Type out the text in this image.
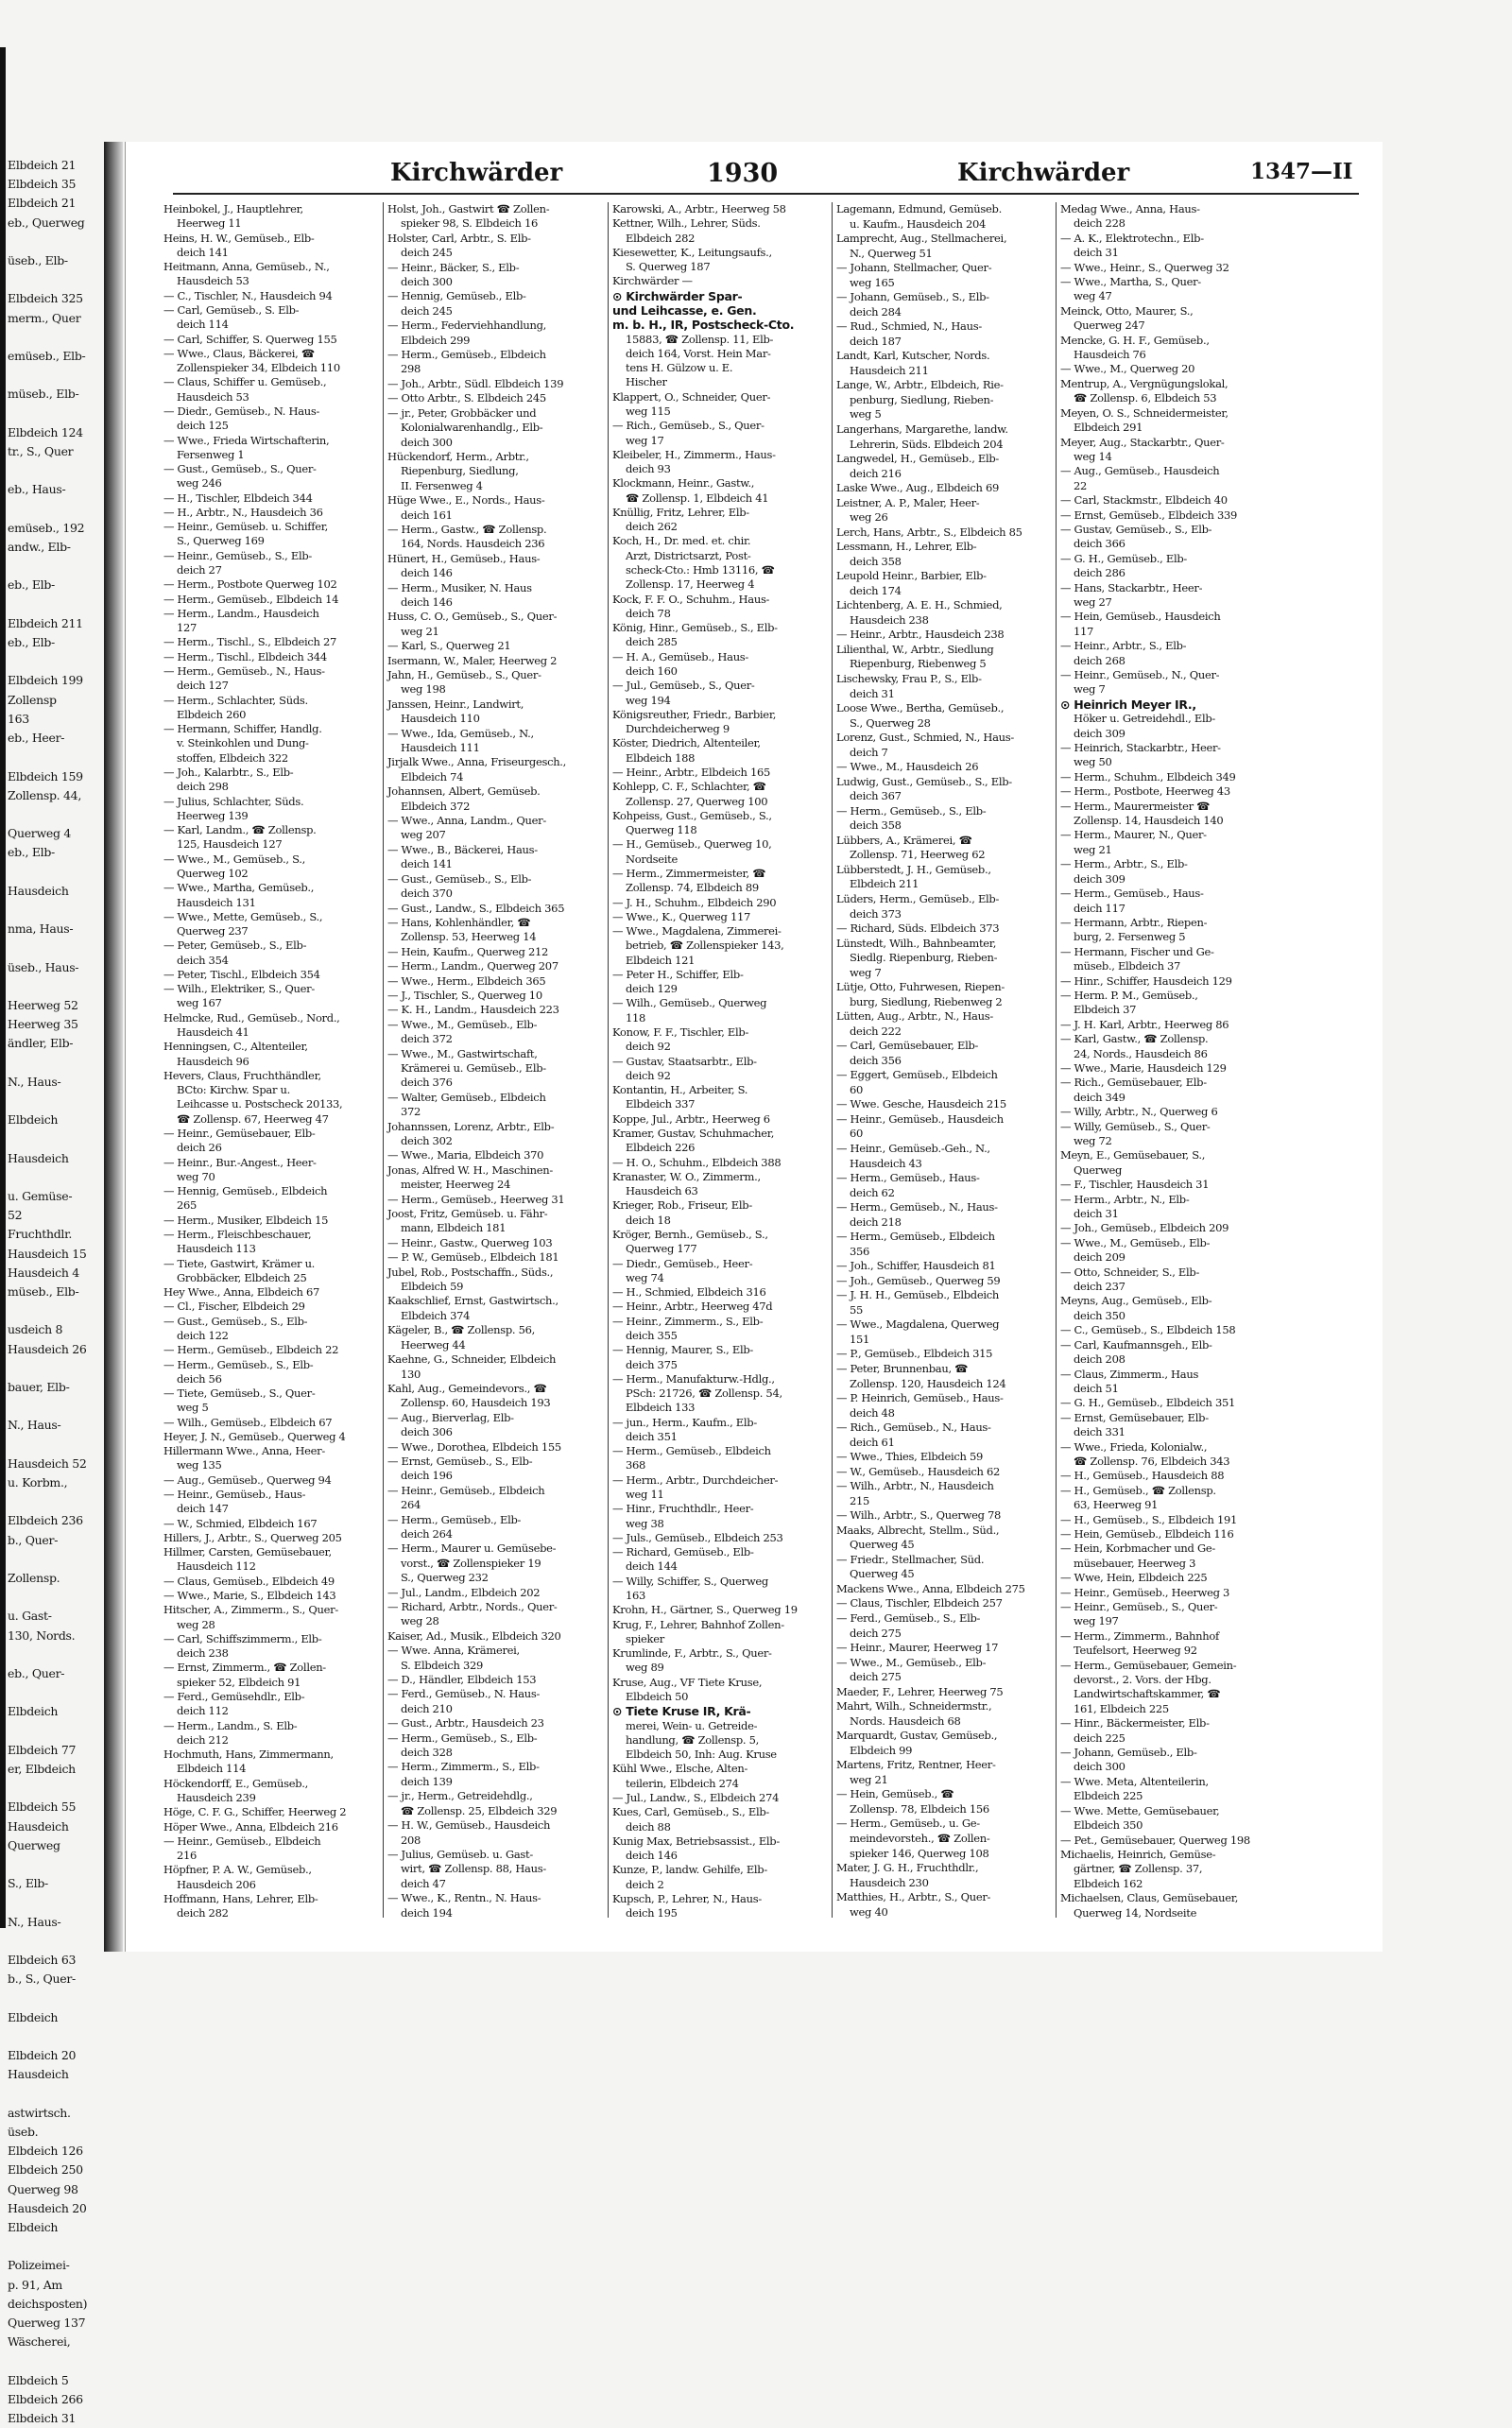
Elbdeich 21
Elbdeich 35
Elbdeich 21
eb., Querweg

üseb., Elb-

Elbdeich 325
merm., Quer

emüseb., Elb-

müseb., Elb-

Elbdeich 124
tr., S., Quer

eb., Haus-

emüseb., 192
andw., Elb-

eb., Elb-

Elbdeich 211
eb., Elb-

Elbdeich 199
Zollensp
163
eb., Heer-

Elbdeich 159
Zollensp. 44,

Querweg 4
eb., Elb-

Hausdeich

nma, Haus-

üseb., Haus-

Heerweg 52
Heerweg 35
ändler, Elb-

N., Haus-

Elbdeich

Hausdeich

u. Gemüse-
52
Fruchthdlr.
Hausdeich 15
Hausdeich 4
müseb., Elb-

usdeich 8
Hausdeich 26

bauer, Elb-

N., Haus-

Hausdeich 52
u. Korbm.,

Elbdeich 236
b., Quer-

Zollensp.

u. Gast-
130, Nords.

eb., Quer-

Elbdeich

Elbdeich 77
er, Elbdeich

Elbdeich 55
Hausdeich
Querweg

S., Elb-

N., Haus-

Elbdeich 63
b., S., Quer-

Elbdeich

Elbdeich 20
Hausdeich

astwirtsch.
üseb.
Elbdeich 126
Elbdeich 250
Querweg 98
Hausdeich 20
Elbdeich

Polizeimei-
p. 91, Am
deichsposten)
Querweg 137
Wäscherei,

Elbdeich 5
Elbdeich 266
Elbdeich 31
Kirchwärder	1930	Kirchwärder	1347—II
Heinbokel, J., Hauptlehrer,
Heerweg 11
Heins, H. W., Gemüseb., Elb-
deich 141
Heitmann, Anna, Gemüseb., N.,
Hausdeich 53
— C., Tischler, N., Hausdeich 94
— Carl, Gemüseb., S. Elb-
deich 114
— Carl, Schiffer, S. Querweg 155
— Wwe., Claus, Bäckerei, ☎
Zollenspieker 34, Elbdeich 110
— Claus, Schiffer u. Gemüseb.,
Hausdeich 53
— Diedr., Gemüseb., N. Haus-
deich 125
— Wwe., Frieda Wirtschafterin,
Fersenweg 1
— Gust., Gemüseb., S., Quer-
weg 246
— H., Tischler, Elbdeich 344
— H., Arbtr., N., Hausdeich 36
— Heinr., Gemüseb. u. Schiffer,
S., Querweg 169
— Heinr., Gemüseb., S., Elb-
deich 27
— Herm., Postbote Querweg 102
— Herm., Gemüseb., Elbdeich 14
— Herm., Landm., Hausdeich
127
— Herm., Tischl., S., Elbdeich 27
— Herm., Tischl., Elbdeich 344
— Herm., Gemüseb., N., Haus-
deich 127
— Herm., Schlachter, Süds.
Elbdeich 260
— Hermann, Schiffer, Handlg.
v. Steinkohlen und Dung-
stoffen, Elbdeich 322
— Joh., Kalarbtr., S., Elb-
deich 298
— Julius, Schlachter, Süds.
Heerweg 139
— Karl, Landm., ☎ Zollensp.
125, Hausdeich 127
— Wwe., M., Gemüseb., S.,
Querweg 102
— Wwe., Martha, Gemüseb.,
Hausdeich 131
— Wwe., Mette, Gemüseb., S.,
Querweg 237
— Peter, Gemüseb., S., Elb-
deich 354
— Peter, Tischl., Elbdeich 354
— Wilh., Elektriker, S., Quer-
weg 167
Helmcke, Rud., Gemüseb., Nord.,
Hausdeich 41
Henningsen, C., Altenteiler,
Hausdeich 96
Hevers, Claus, Fruchthändler,
BCto: Kirchw. Spar u.
Leihcasse u. Postscheck 20133,
☎ Zollensp. 67, Heerweg 47
— Heinr., Gemüsebauer, Elb-
deich 26
— Heinr., Bur.-Angest., Heer-
weg 70
— Hennig, Gemüseb., Elbdeich
265
— Herm., Musiker, Elbdeich 15
— Herm., Fleischbeschauer,
Hausdeich 113
— Tiete, Gastwirt, Krämer u.
Grobbäcker, Elbdeich 25
Hey Wwe., Anna, Elbdeich 67
— Cl., Fischer, Elbdeich 29
— Gust., Gemüseb., S., Elb-
deich 122
— Herm., Gemüseb., Elbdeich 22
— Herm., Gemüseb., S., Elb-
deich 56
— Tiete, Gemüseb., S., Quer-
weg 5
— Wilh., Gemüseb., Elbdeich 67
Heyer, J. N., Gemüseb., Querweg 4
Hillermann Wwe., Anna, Heer-
weg 135
— Aug., Gemüseb., Querweg 94
— Heinr., Gemüseb., Haus-
deich 147
— W., Schmied, Elbdeich 167
Hillers, J., Arbtr., S., Querweg 205
Hillmer, Carsten, Gemüsebauer,
Hausdeich 112
— Claus, Gemüseb., Elbdeich 49
— Wwe., Marie, S., Elbdeich 143
Hitscher, A., Zimmerm., S., Quer-
weg 28
— Carl, Schiffszimmerm., Elb-
deich 238
— Ernst, Zimmerm., ☎ Zollen-
spieker 52, Elbdeich 91
— Ferd., Gemüsehdlr., Elb-
deich 112
— Herm., Landm., S. Elb-
deich 212
Hochmuth, Hans, Zimmermann,
Elbdeich 114
Höckendorff, E., Gemüseb.,
Hausdeich 239
Höge, C. F. G., Schiffer, Heerweg 2
Höper Wwe., Anna, Elbdeich 216
— Heinr., Gemüseb., Elbdeich
216
Höpfner, P. A. W., Gemüseb.,
Hausdeich 206
Hoffmann, Hans, Lehrer, Elb-
deich 282
Holst, Joh., Gastwirt ☎ Zollen-
spieker 98, S. Elbdeich 16
Holster, Carl, Arbtr., S. Elb-
deich 245
— Heinr., Bäcker, S., Elb-
deich 300
— Hennig, Gemüseb., Elb-
deich 245
— Herm., Federviehhandlung,
Elbdeich 299
— Herm., Gemüseb., Elbdeich
298
— Joh., Arbtr., Südl. Elbdeich 139
— Otto Arbtr., S. Elbdeich 245
— jr., Peter, Grobbäcker und
Kolonialwarenhandlg., Elb-
deich 300
Hückendorf, Herm., Arbtr.,
Riepenburg, Siedlung,
II. Fersenweg 4
Hüge Wwe., E., Nords., Haus-
deich 161
— Herm., Gastw., ☎ Zollensp.
164, Nords. Hausdeich 236
Hünert, H., Gemüseb., Haus-
deich 146
— Herm., Musiker, N. Haus
deich 146
Huss, C. O., Gemüseb., S., Quer-
weg 21
— Karl, S., Querweg 21
Isermann, W., Maler, Heerweg 2
Jahn, H., Gemüseb., S., Quer-
weg 198
Janssen, Heinr., Landwirt,
Hausdeich 110
— Wwe., Ida, Gemüseb., N.,
Hausdeich 111
Jirjalk Wwe., Anna, Friseurgesch.,
Elbdeich 74
Johannsen, Albert, Gemüseb.
Elbdeich 372
— Wwe., Anna, Landm., Quer-
weg 207
— Wwe., B., Bäckerei, Haus-
deich 141
— Gust., Gemüseb., S., Elb-
deich 370
— Gust., Landw., S., Elbdeich 365
— Hans, Kohlenhändler, ☎
Zollensp. 53, Heerweg 14
— Hein, Kaufm., Querweg 212
— Herm., Landm., Querweg 207
— Wwe., Herm., Elbdeich 365
— J., Tischler, S., Querweg 10
— K. H., Landm., Hausdeich 223
— Wwe., M., Gemüseb., Elb-
deich 372
— Wwe., M., Gastwirtschaft,
Krämerei u. Gemüseb., Elb-
deich 376
— Walter, Gemüseb., Elbdeich
372
Johannssen, Lorenz, Arbtr., Elb-
deich 302
— Wwe., Maria, Elbdeich 370
Jonas, Alfred W. H., Maschinen-
meister, Heerweg 24
— Herm., Gemüseb., Heerweg 31
Joost, Fritz, Gemüseb. u. Fähr-
mann, Elbdeich 181
— Heinr., Gastw., Querweg 103
— P. W., Gemüseb., Elbdeich 181
Jubel, Rob., Postschaffn., Süds.,
Elbdeich 59
Kaakschlief, Ernst, Gastwirtsch.,
Elbdeich 374
Kägeler, B., ☎ Zollensp. 56,
Heerweg 44
Kaehne, G., Schneider, Elbdeich
130
Kahl, Aug., Gemeindevors., ☎
Zollensp. 60, Hausdeich 193
— Aug., Bierverlag, Elb-
deich 306
— Wwe., Dorothea, Elbdeich 155
— Ernst, Gemüseb., S., Elb-
deich 196
— Heinr., Gemüseb., Elbdeich
264
— Herm., Gemüseb., Elb-
deich 264
— Herm., Maurer u. Gemüsebe-
vorst., ☎ Zollenspieker 19
S., Querweg 232
— Jul., Landm., Elbdeich 202
— Richard, Arbtr., Nords., Quer-
weg 28
Kaiser, Ad., Musik., Elbdeich 320
— Wwe. Anna, Krämerei,
S. Elbdeich 329
— D., Händler, Elbdeich 153
— Ferd., Gemüseb., N. Haus-
deich 210
— Gust., Arbtr., Hausdeich 23
— Herm., Gemüseb., S., Elb-
deich 328
— Herm., Zimmerm., S., Elb-
deich 139
— jr., Herm., Getreidehdlg.,
☎ Zollensp. 25, Elbdeich 329
— H. W., Gemüseb., Hausdeich
208
— Julius, Gemüseb. u. Gast-
wirt, ☎ Zollensp. 88, Haus-
deich 47
— Wwe., K., Rentn., N. Haus-
deich 194
Karowski, A., Arbtr., Heerweg 58
Kettner, Wilh., Lehrer, Süds.
Elbdeich 282
Kiesewetter, K., Leitungsaufs.,
S. Querweg 187
Kirchwärder —
⊙ Kirchwärder Spar-
und Leihcasse, e. Gen.
m. b. H., IR, Postscheck-Cto.
15883, ☎ Zollensp. 11, Elb-
deich 164, Vorst. Hein Mar-
tens H. Gülzow u. E.
Hischer
Klappert, O., Schneider, Quer-
weg 115
— Rich., Gemüseb., S., Quer-
weg 17
Kleibeler, H., Zimmerm., Haus-
deich 93
Klockmann, Heinr., Gastw.,
☎ Zollensp. 1, Elbdeich 41
Knüllig, Fritz, Lehrer, Elb-
deich 262
Koch, H., Dr. med. et. chir.
Arzt, Districtsarzt, Post-
scheck-Cto.: Hmb 13116, ☎
Zollensp. 17, Heerweg 4
Kock, F. F. O., Schuhm., Haus-
deich 78
König, Hinr., Gemüseb., S., Elb-
deich 285
— H. A., Gemüseb., Haus-
deich 160
— Jul., Gemüseb., S., Quer-
weg 194
Königsreuther, Friedr., Barbier,
Durchdeicherweg 9
Köster, Diedrich, Altenteiler,
Elbdeich 188
— Heinr., Arbtr., Elbdeich 165
Kohlepp, C. F., Schlachter, ☎
Zollensp. 27, Querweg 100
Kohpeiss, Gust., Gemüseb., S.,
Querweg 118
— H., Gemüseb., Querweg 10,
Nordseite
— Herm., Zimmermeister, ☎
Zollensp. 74, Elbdeich 89
— J. H., Schuhm., Elbdeich 290
— Wwe., K., Querweg 117
— Wwe., Magdalena, Zimmerei-
betrieb, ☎ Zollenspieker 143,
Elbdeich 121
— Peter H., Schiffer, Elb-
deich 129
— Wilh., Gemüseb., Querweg
118
Konow, F. F., Tischler, Elb-
deich 92
— Gustav, Staatsarbtr., Elb-
deich 92
Kontantin, H., Arbeiter, S.
Elbdeich 337
Koppe, Jul., Arbtr., Heerweg 6
Kramer, Gustav, Schuhmacher,
Elbdeich 226
— H. O., Schuhm., Elbdeich 388
Kranaster, W. O., Zimmerm.,
Hausdeich 63
Krieger, Rob., Friseur, Elb-
deich 18
Kröger, Bernh., Gemüseb., S.,
Querweg 177
— Diedr., Gemüseb., Heer-
weg 74
— H., Schmied, Elbdeich 316
— Heinr., Arbtr., Heerweg 47d
— Heinr., Zimmerm., S., Elb-
deich 355
— Hennig, Maurer, S., Elb-
deich 375
— Herm., Manufakturw.-Hdlg.,
PSch: 21726, ☎ Zollensp. 54,
Elbdeich 133
— jun., Herm., Kaufm., Elb-
deich 351
— Herm., Gemüseb., Elbdeich
368
— Herm., Arbtr., Durchdeicher-
weg 11
— Hinr., Fruchthdlr., Heer-
weg 38
— Juls., Gemüseb., Elbdeich 253
— Richard, Gemüseb., Elb-
deich 144
— Willy, Schiffer, S., Querweg
163
Krohn, H., Gärtner, S., Querweg 19
Krug, F., Lehrer, Bahnhof Zollen-
spieker
Krumlinde, F., Arbtr., S., Quer-
weg 89
Kruse, Aug., VF Tiete Kruse,
Elbdeich 50
⊙ Tiete Kruse IR, Krä-
merei, Wein- u. Getreide-
handlung, ☎ Zollensp. 5,
Elbdeich 50, Inh: Aug. Kruse
Kühl Wwe., Elsche, Alten-
teilerin, Elbdeich 274
— Jul., Landw., S., Elbdeich 274
Kues, Carl, Gemüseb., S., Elb-
deich 88
Kunig Max, Betriebsassist., Elb-
deich 146
Kunze, P., landw. Gehilfe, Elb-
deich 2
Kupsch, P., Lehrer, N., Haus-
deich 195
Lagemann, Edmund, Gemüseb.
u. Kaufm., Hausdeich 204
Lamprecht, Aug., Stellmacherei,
N., Querweg 51
— Johann, Stellmacher, Quer-
weg 165
— Johann, Gemüseb., S., Elb-
deich 284
— Rud., Schmied, N., Haus-
deich 187
Landt, Karl, Kutscher, Nords.
Hausdeich 211
Lange, W., Arbtr., Elbdeich, Rie-
penburg, Siedlung, Rieben-
weg 5
Langerhans, Margarethe, landw.
Lehrerin, Süds. Elbdeich 204
Langwedel, H., Gemüseb., Elb-
deich 216
Laske Wwe., Aug., Elbdeich 69
Leistner, A. P., Maler, Heer-
weg 26
Lerch, Hans, Arbtr., S., Elbdeich 85
Lessmann, H., Lehrer, Elb-
deich 358
Leupold Heinr., Barbier, Elb-
deich 174
Lichtenberg, A. E. H., Schmied,
Hausdeich 238
— Heinr., Arbtr., Hausdeich 238
Lilienthal, W., Arbtr., Siedlung
Riepenburg, Riebenweg 5
Lischewsky, Frau P., S., Elb-
deich 31
Loose Wwe., Bertha, Gemüseb.,
S., Querweg 28
Lorenz, Gust., Schmied, N., Haus-
deich 7
— Wwe., M., Hausdeich 26
Ludwig, Gust., Gemüseb., S., Elb-
deich 367
— Herm., Gemüseb., S., Elb-
deich 358
Lübbers, A., Krämerei, ☎
Zollensp. 71, Heerweg 62
Lübberstedt, J. H., Gemüseb.,
Elbdeich 211
Lüders, Herm., Gemüseb., Elb-
deich 373
— Richard, Süds. Elbdeich 373
Lünstedt, Wilh., Bahnbeamter,
Siedlg. Riepenburg, Rieben-
weg 7
Lütje, Otto, Fuhrwesen, Riepen-
burg, Siedlung, Riebenweg 2
Lütten, Aug., Arbtr., N., Haus-
deich 222
— Carl, Gemüsebauer, Elb-
deich 356
— Eggert, Gemüseb., Elbdeich
60
— Wwe. Gesche, Hausdeich 215
— Heinr., Gemüseb., Hausdeich
60
— Heinr., Gemüseb.-Geh., N.,
Hausdeich 43
— Herm., Gemüseb., Haus-
deich 62
— Herm., Gemüseb., N., Haus-
deich 218
— Herm., Gemüseb., Elbdeich
356
— Joh., Schiffer, Hausdeich 81
— Joh., Gemüseb., Querweg 59
— J. H. H., Gemüseb., Elbdeich
55
— Wwe., Magdalena, Querweg
151
— P., Gemüseb., Elbdeich 315
— Peter, Brunnenbau, ☎
Zollensp. 120, Hausdeich 124
— P. Heinrich, Gemüseb., Haus-
deich 48
— Rich., Gemüseb., N., Haus-
deich 61
— Wwe., Thies, Elbdeich 59
— W., Gemüseb., Hausdeich 62
— Wilh., Arbtr., N., Hausdeich
215
— Wilh., Arbtr., S., Querweg 78
Maaks, Albrecht, Stellm., Süd.,
Querweg 45
— Friedr., Stellmacher, Süd.
Querweg 45
Mackens Wwe., Anna, Elbdeich 275
— Claus, Tischler, Elbdeich 257
— Ferd., Gemüseb., S., Elb-
deich 275
— Heinr., Maurer, Heerweg 17
— Wwe., M., Gemüseb., Elb-
deich 275
Maeder, F., Lehrer, Heerweg 75
Mahrt, Wilh., Schneidermstr.,
Nords. Hausdeich 68
Marquardt, Gustav, Gemüseb.,
Elbdeich 99
Martens, Fritz, Rentner, Heer-
weg 21
— Hein, Gemüseb., ☎
Zollensp. 78, Elbdeich 156
— Herm., Gemüseb., u. Ge-
meindevorsteh., ☎ Zollen-
spieker 146, Querweg 108
Mater, J. G. H., Fruchthdlr.,
Hausdeich 230
Matthies, H., Arbtr., S., Quer-
weg 40
Medag Wwe., Anna, Haus-
deich 228
— A. K., Elektrotechn., Elb-
deich 31
— Wwe., Heinr., S., Querweg 32
— Wwe., Martha, S., Quer-
weg 47
Meinck, Otto, Maurer, S.,
Querweg 247
Mencke, G. H. F., Gemüseb.,
Hausdeich 76
— Wwe., M., Querweg 20
Mentrup, A., Vergnügungslokal,
☎ Zollensp. 6, Elbdeich 53
Meyen, O. S., Schneidermeister,
Elbdeich 291
Meyer, Aug., Stackarbtr., Quer-
weg 14
— Aug., Gemüseb., Hausdeich
22
— Carl, Stackmstr., Elbdeich 40
— Ernst, Gemüseb., Elbdeich 339
— Gustav, Gemüseb., S., Elb-
deich 366
— G. H., Gemüseb., Elb-
deich 286
— Hans, Stackarbtr., Heer-
weg 27
— Hein, Gemüseb., Hausdeich
117
— Heinr., Arbtr., S., Elb-
deich 268
— Heinr., Gemüseb., N., Quer-
weg 7
⊙ Heinrich Meyer IR.,
Höker u. Getreidehdl., Elb-
deich 309
— Heinrich, Stackarbtr., Heer-
weg 50
— Herm., Schuhm., Elbdeich 349
— Herm., Postbote, Heerweg 43
— Herm., Maurermeister ☎
Zollensp. 14, Hausdeich 140
— Herm., Maurer, N., Quer-
weg 21
— Herm., Arbtr., S., Elb-
deich 309
— Herm., Gemüseb., Haus-
deich 117
— Hermann, Arbtr., Riepen-
burg, 2. Fersenweg 5
— Hermann, Fischer und Ge-
müseb., Elbdeich 37
— Hinr., Schiffer, Hausdeich 129
— Herm. P. M., Gemüseb.,
Elbdeich 37
— J. H. Karl, Arbtr., Heerweg 86
— Karl, Gastw., ☎ Zollensp.
24, Nords., Hausdeich 86
— Wwe., Marie, Hausdeich 129
— Rich., Gemüsebauer, Elb-
deich 349
— Willy, Arbtr., N., Querweg 6
— Willy, Gemüseb., S., Quer-
weg 72
Meyn, E., Gemüsebauer, S.,
Querweg
— F., Tischler, Hausdeich 31
— Herm., Arbtr., N., Elb-
deich 31
— Joh., Gemüseb., Elbdeich 209
— Wwe., M., Gemüseb., Elb-
deich 209
— Otto, Schneider, S., Elb-
deich 237
Meyns, Aug., Gemüseb., Elb-
deich 350
— C., Gemüseb., S., Elbdeich 158
— Carl, Kaufmannsgeh., Elb-
deich 208
— Claus, Zimmerm., Haus
deich 51
— G. H., Gemüseb., Elbdeich 351
— Ernst, Gemüsebauer, Elb-
deich 331
— Wwe., Frieda, Kolonialw.,
☎ Zollensp. 76, Elbdeich 343
— H., Gemüseb., Hausdeich 88
— H., Gemüseb., ☎ Zollensp.
63, Heerweg 91
— H., Gemüseb., S., Elbdeich 191
— Hein, Gemüseb., Elbdeich 116
— Hein, Korbmacher und Ge-
müsebauer, Heerweg 3
— Wwe, Hein, Elbdeich 225
— Heinr., Gemüseb., Heerweg 3
— Heinr., Gemüseb., S., Quer-
weg 197
— Herm., Zimmerm., Bahnhof
Teufelsort, Heerweg 92
— Herm., Gemüsebauer, Gemein-
devorst., 2. Vors. der Hbg.
Landwirtschaftskammer, ☎
161, Elbdeich 225
— Hinr., Bäckermeister, Elb-
deich 225
— Johann, Gemüseb., Elb-
deich 300
— Wwe. Meta, Altenteilerin,
Elbdeich 225
— Wwe. Mette, Gemüsebauer,
Elbdeich 350
— Pet., Gemüsebauer, Querweg 198
Michaelis, Heinrich, Gemüse-
gärtner, ☎ Zollensp. 37,
Elbdeich 162
Michaelsen, Claus, Gemüsebauer,
Querweg 14, Nordseite
